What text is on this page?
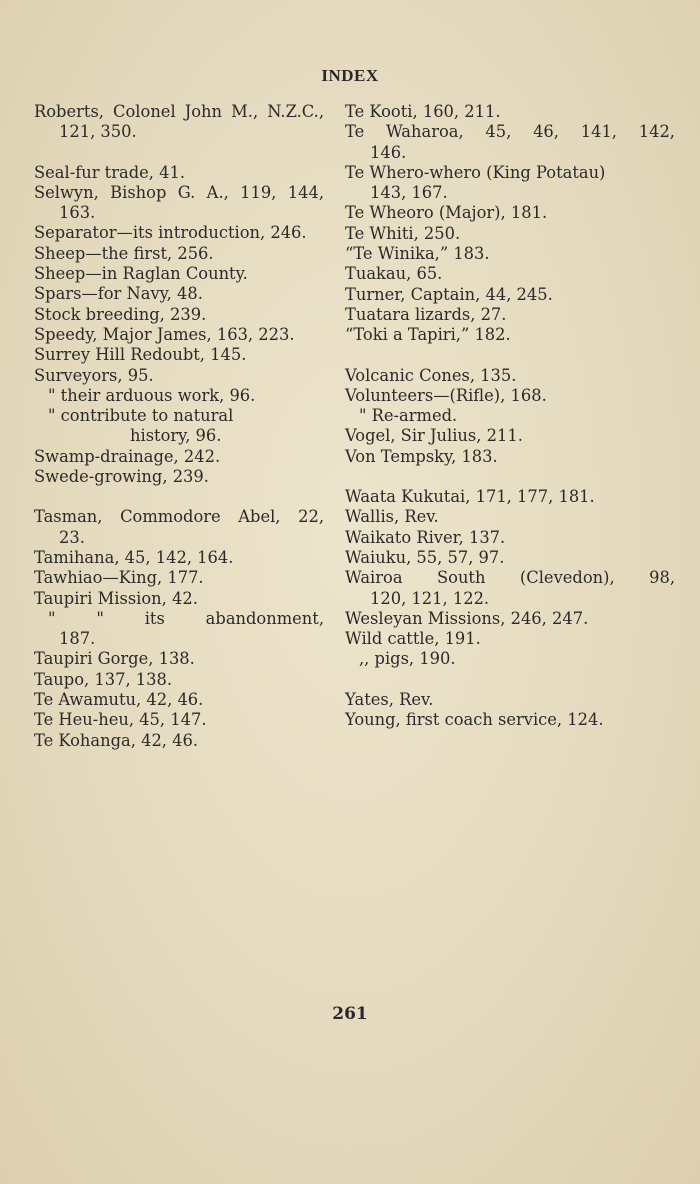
INDEX
Roberts, Colonel John M., N.Z.C.,
121, 350.
Seal-fur trade, 41.
Selwyn, Bishop G. A., 119, 144,
163.
Separator—its introduction, 246.
Sheep—the first, 256.
Sheep—in Raglan County.
Spars—for Navy, 48.
Stock breeding, 239.
Speedy, Major James, 163, 223.
Surrey Hill Redoubt, 145.
Surveyors, 95.
" their arduous work, 96.
" contribute to natural
history, 96.
Swamp-drainage, 242.
Swede-growing, 239.
Tasman, Commodore Abel, 22,
23.
Tamihana, 45, 142, 164.
Tawhiao—King, 177.
Taupiri Mission, 42.
" " its abandonment,
187.
Taupiri Gorge, 138.
Taupo, 137, 138.
Te Awamutu, 42, 46.
Te Heu-heu, 45, 147.
Te Kohanga, 42, 46.
Te Kooti, 160, 211.
Te Waharoa, 45, 46, 141, 142,
146.
Te Whero-whero (King Potatau)
143, 167.
Te Wheoro (Major), 181.
Te Whiti, 250.
“Te Winika,” 183.
Tuakau, 65.
Turner, Captain, 44, 245.
Tuatara lizards, 27.
“Toki a Tapiri,” 182.
Volcanic Cones, 135.
Volunteers—(Rifle), 168.
" Re-armed.
Vogel, Sir Julius, 211.
Von Tempsky, 183.
Waata Kukutai, 171, 177, 181.
Wallis, Rev.
Waikato River, 137.
Waiuku, 55, 57, 97.
Wairoa South (Clevedon), 98,
120, 121, 122.
Wesleyan Missions, 246, 247.
Wild cattle, 191.
,, pigs, 190.
Yates, Rev.
Young, first coach service, 124.
261
